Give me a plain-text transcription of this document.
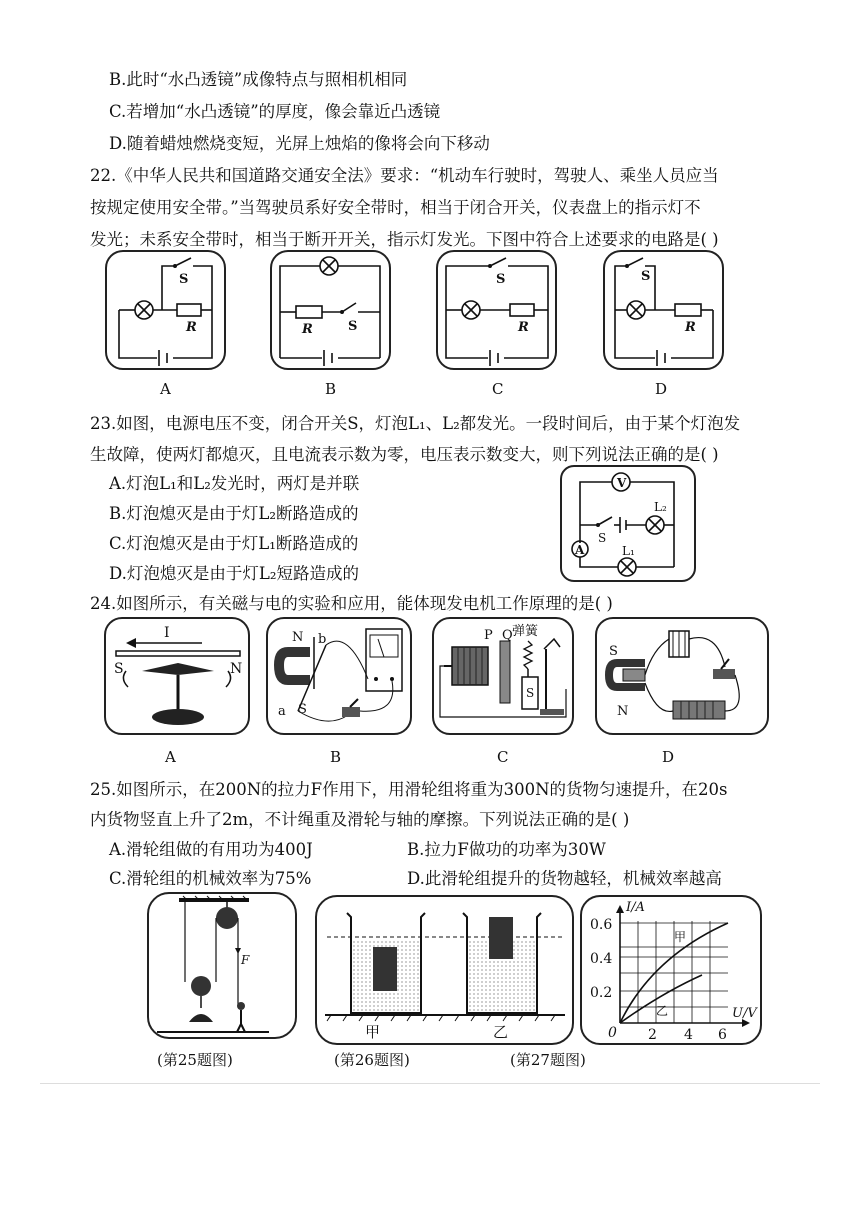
B.此时“水凸透镜”成像特点与照相机相同
C.若增加“水凸透镜”的厚度，像会靠近凸透镜
D.随着蜡烛燃烧变短，光屏上烛焰的像将会向下移动
22.《中华人民共和国道路交通安全法》要求：“机动车行驶时，驾驶人、乘坐人员应当
按规定使用安全带。”当驾驶员系好安全带时，相当于闭合开关，仪表盘上的指示灯不
发光；未系安全带时，相当于断开开关，指示灯发光。下图中符合上述要求的电路是( )
S
R
A
R	S
B
S
R
C
S
R
D
23.如图，电源电压不变，闭合开关S，灯泡L₁、L₂都发光。一段时间后，由于某个灯泡发
生故障，使两灯都熄灭，且电流表示数为零，电压表示数变大，则下列说法正确的是( )
A.灯泡L₁和L₂发光时，两灯是并联
B.灯泡熄灭是由于灯L₂断路造成的
C.灯泡熄灭是由于灯L₁断路造成的
D.灯泡熄灭是由于灯L₂短路造成的
V
A
S
L₂
L₁
24.如图所示，有关磁与电的实验和应用，能体现发电机工作原理的是( )
I
S	N
A
N b
a S
B
P Q 弹簧
S
C
S
N
D
25.如图所示，在200N的拉力F作用下，用滑轮组将重为300N的货物匀速提升，在20s
内货物竖直上升了2m，不计绳重及滑轮与轴的摩擦。下列说法正确的是( )
A.滑轮组做的有用功为400J	B.拉力F做功的功率为30W
C.滑轮组的机械效率为75%	D.此滑轮组提升的货物越轻，机械效率越高
F
甲	乙
I/A
U/V
0
0.6
0.4
0.2
2 4 6
甲
乙
(第25题图)	(第26题图)	(第27题图)
